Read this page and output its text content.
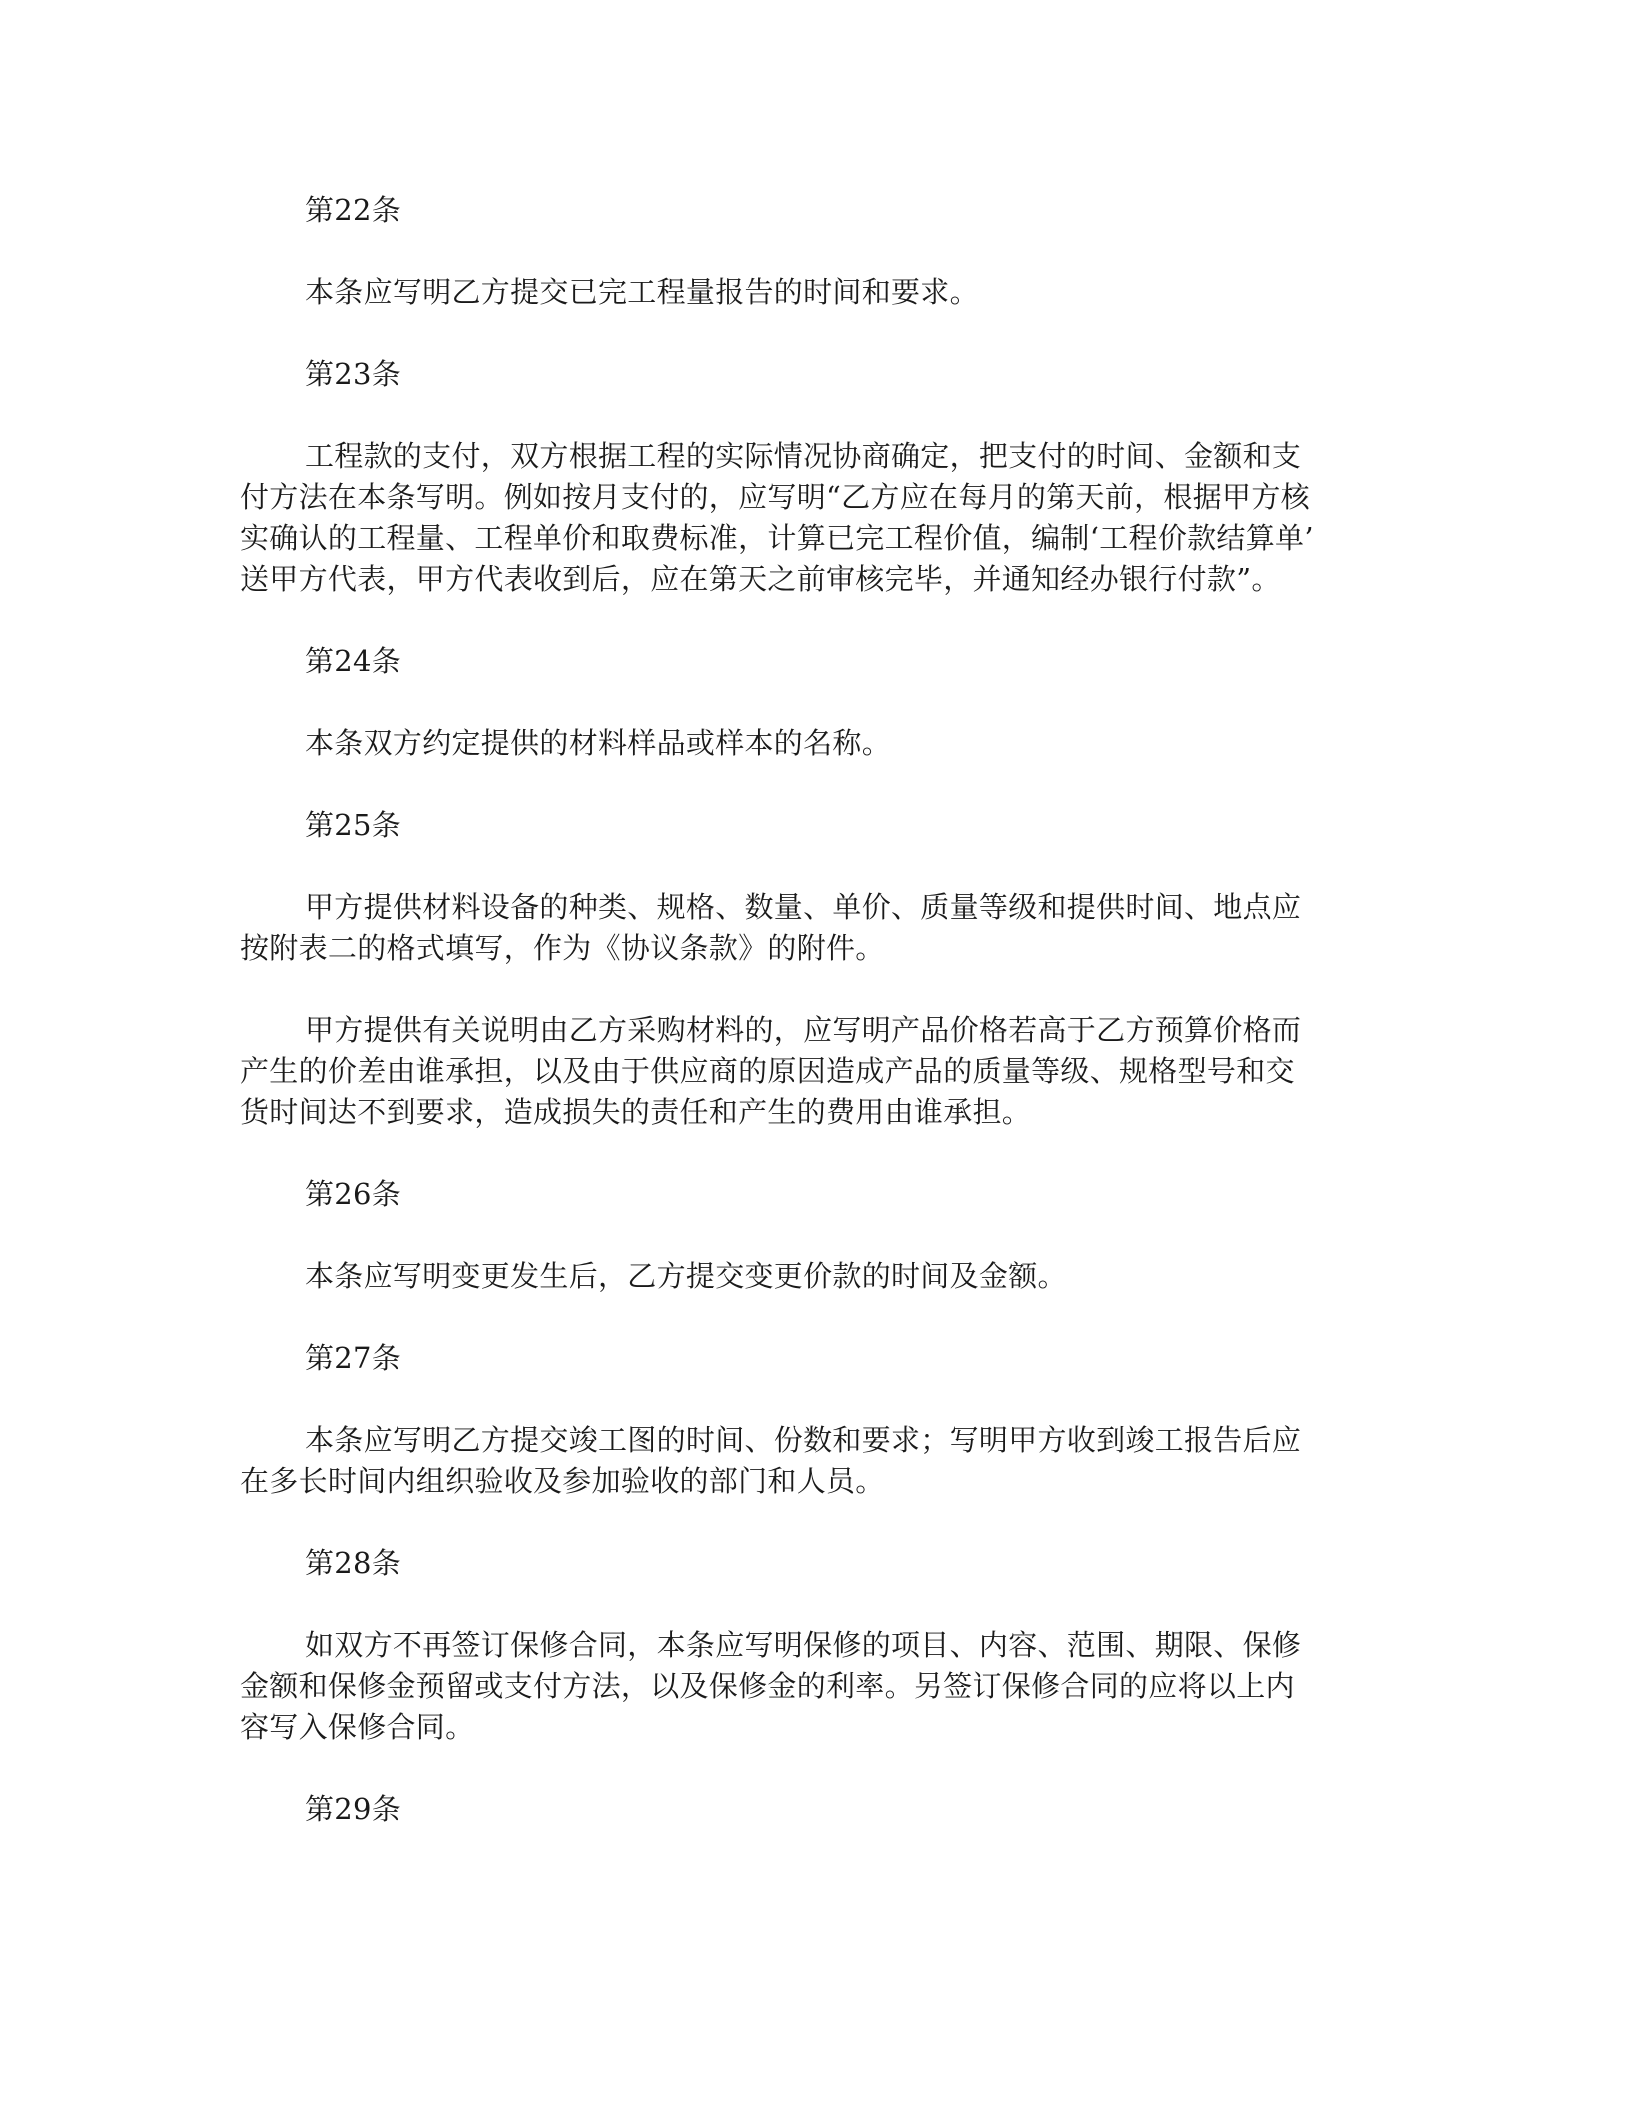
第22条
本条应写明乙方提交已完工程量报告的时间和要求。
第23条
工程款的支付，双方根据工程的实际情况协商确定，把支付的时间、金额和支
付方法在本条写明。例如按月支付的，应写明“乙方应在每月的第天前，根据甲方核
实确认的工程量、工程单价和取费标准，计算已完工程价值，编制‘工程价款结算单’
送甲方代表，甲方代表收到后，应在第天之前审核完毕，并通知经办银行付款”。
第24条
本条双方约定提供的材料样品或样本的名称。
第25条
甲方提供材料设备的种类、规格、数量、单价、质量等级和提供时间、地点应
按附表二的格式填写，作为《协议条款》的附件。
甲方提供有关说明由乙方采购材料的，应写明产品价格若高于乙方预算价格而
产生的价差由谁承担，以及由于供应商的原因造成产品的质量等级、规格型号和交
货时间达不到要求，造成损失的责任和产生的费用由谁承担。
第26条
本条应写明变更发生后，乙方提交变更价款的时间及金额。
第27条
本条应写明乙方提交竣工图的时间、份数和要求；写明甲方收到竣工报告后应
在多长时间内组织验收及参加验收的部门和人员。
第28条
如双方不再签订保修合同，本条应写明保修的项目、内容、范围、期限、保修
金额和保修金预留或支付方法，以及保修金的利率。另签订保修合同的应将以上内
容写入保修合同。
第29条
